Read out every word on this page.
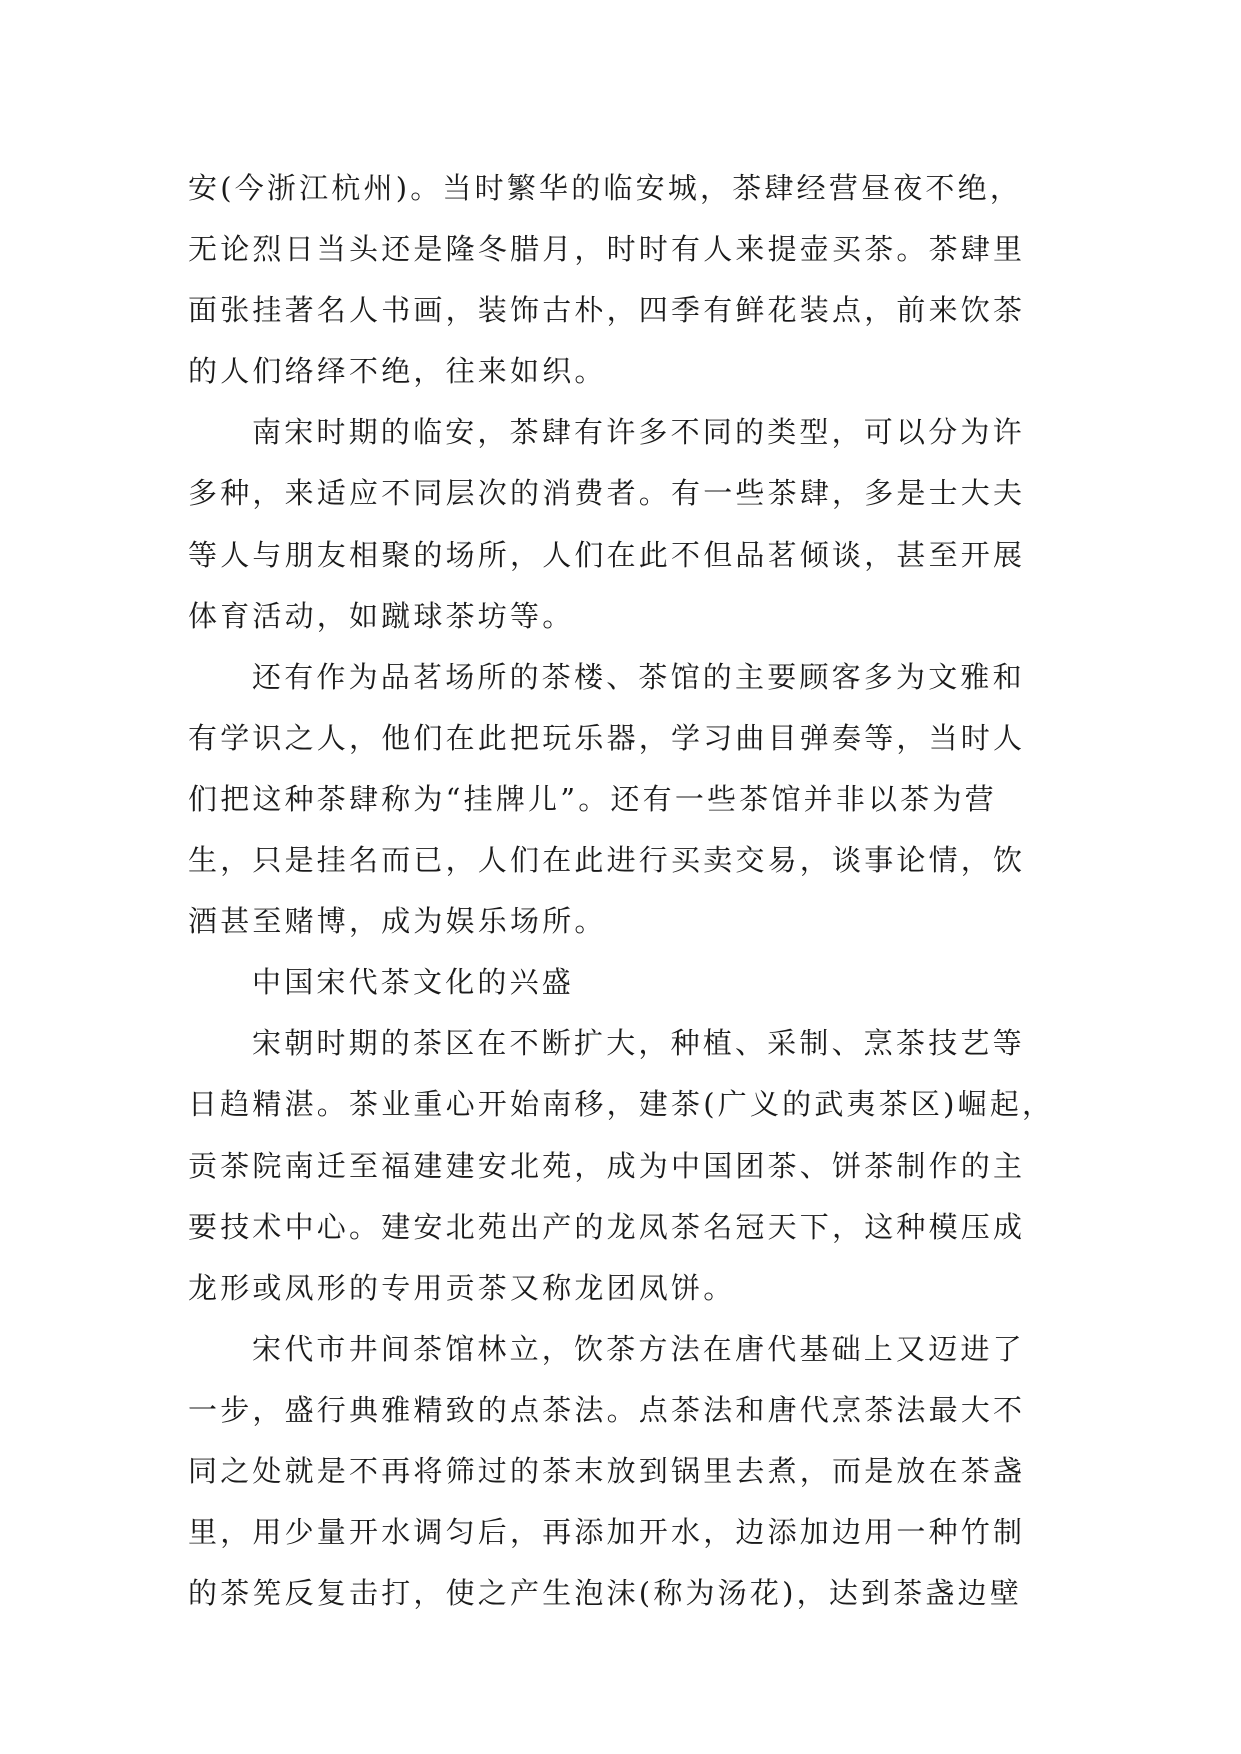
安(今浙江杭州)。当时繁华的临安城，茶肆经营昼夜不绝，
无论烈日当头还是隆冬腊月，时时有人来提壶买茶。茶肆里
面张挂著名人书画，装饰古朴，四季有鲜花装点，前来饮茶
的人们络绎不绝，往来如织。
南宋时期的临安，茶肆有许多不同的类型，可以分为许
多种，来适应不同层次的消费者。有一些茶肆，多是士大夫
等人与朋友相聚的场所，人们在此不但品茗倾谈，甚至开展
体育活动，如蹴球茶坊等。
还有作为品茗场所的茶楼、茶馆的主要顾客多为文雅和
有学识之人，他们在此把玩乐器，学习曲目弹奏等，当时人
们把这种茶肆称为“挂牌儿”。还有一些茶馆并非以茶为营
生，只是挂名而已，人们在此进行买卖交易，谈事论情，饮
酒甚至赌博，成为娱乐场所。
中国宋代茶文化的兴盛
宋朝时期的茶区在不断扩大，种植、采制、烹茶技艺等
日趋精湛。茶业重心开始南移，建茶(广义的武夷茶区)崛起，
贡茶院南迁至福建建安北苑，成为中国团茶、饼茶制作的主
要技术中心。建安北苑出产的龙凤茶名冠天下，这种模压成
龙形或凤形的专用贡茶又称龙团凤饼。
宋代市井间茶馆林立，饮茶方法在唐代基础上又迈进了
一步，盛行典雅精致的点茶法。点茶法和唐代烹茶法最大不
同之处就是不再将筛过的茶末放到锅里去煮，而是放在茶盏
里，用少量开水调匀后，再添加开水，边添加边用一种竹制
的茶筅反复击打，使之产生泡沫(称为汤花)，达到茶盏边壁
